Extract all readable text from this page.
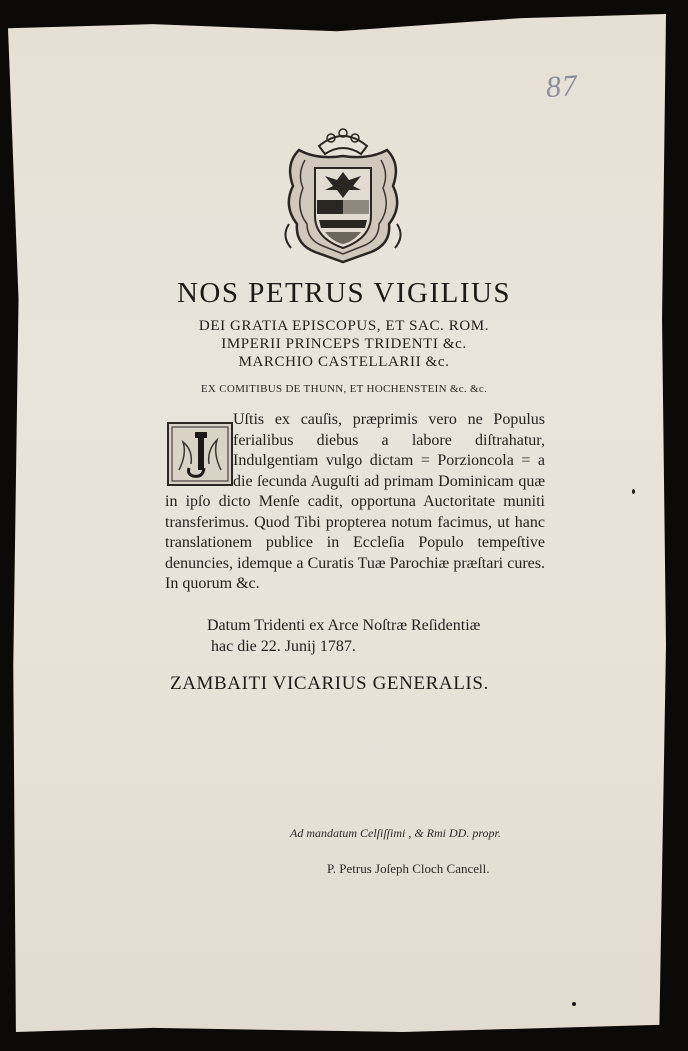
87
NOS PETRUS VIGILIUS
DEI GRATIA EPISCOPUS, ET SAC. ROM.
IMPERII PRINCEPS TRIDENTI &c.
MARCHIO CASTELLARII &c.
EX COMITIBUS DE THUNN, ET HOCHENSTEIN &c. &c.

Uſtis ex cauſis, præprimis vero ne Populus ferialibus diebus a labore diſtrahatur, Indulgentiam vulgo dictam = Porzioncola = a die ſecunda Auguſti ad primam Dominicam quæ in ipſo dicto Menſe cadit, opportuna Auctoritate muniti transferimus. Quod Tibi propterea notum facimus, ut hanc translationem publice in Eccleſia Populo tempeſtive denuncies, idemque a Curatis Tuæ Parochiæ præſtari cures. In quorum &c.

Datum Tridenti ex Arce Noſtræ Reſidentiæ
hac die 22. Junij 1787.
ZAMBAITI VICARIUS GENERALIS.
Ad mandatum Celſiſſimi , & Rmi DD. propr.
P. Petrus Joſeph Cloch Cancell.
